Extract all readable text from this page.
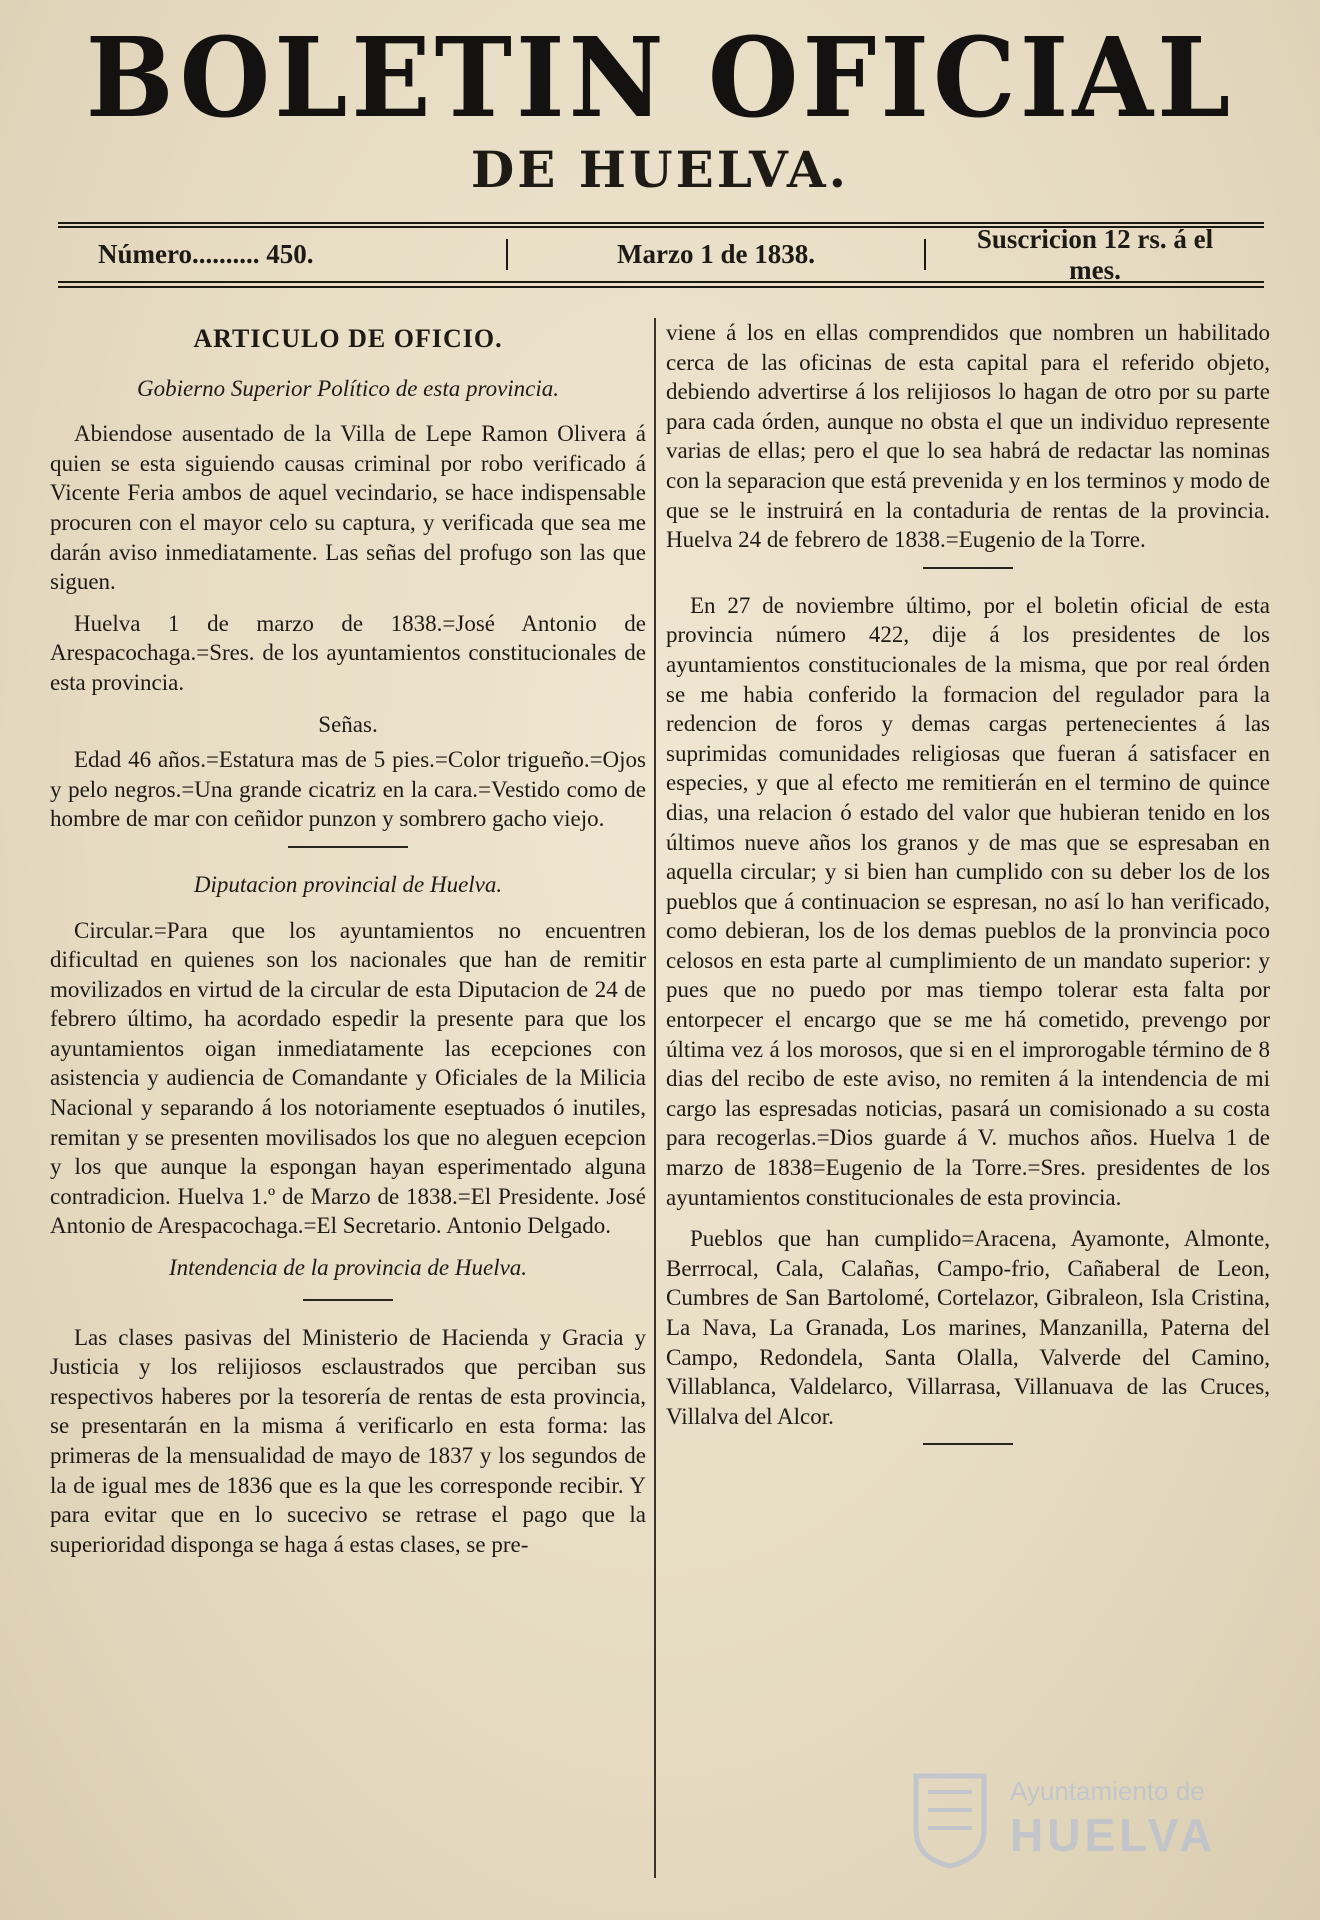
BOLETIN OFICIAL
DE HUELVA.
Número.......... 450.	Marzo 1 de 1838.
Suscricion 12 rs. á el mes.
ARTICULO DE OFICIO.
Gobierno Superior Político de esta provincia.

Abiendose ausentado de la Villa de Lepe Ramon Olivera á quien se esta siguiendo causas criminal por robo verificado á Vicente Feria ambos de aquel vecindario, se hace indispensable procuren con el mayor celo su captura, y verificada que sea me darán aviso inmediatamente. Las señas del profugo son las que siguen.

Huelva 1 de marzo de 1838.=José Antonio de Arespacochaga.=Sres. de los ayuntamientos constitucionales de esta provincia.

Señas.

Edad 46 años.=Estatura mas de 5 pies.=Color trigueño.=Ojos y pelo negros.=Una grande cicatriz en la cara.=Vestido como de hombre de mar con ceñidor punzon y sombrero gacho viejo.

Diputacion provincial de Huelva.

Circular.=Para que los ayuntamientos no encuentren dificultad en quienes son los nacionales que han de remitir movilizados en virtud de la circular de esta Diputacion de 24 de febrero último, ha acordado espedir la presente para que los ayuntamientos oigan inmediatamente las ecepciones con asistencia y audiencia de Comandante y Oficiales de la Milicia Nacional y separando á los notoriamente eseptuados ó inutiles, remitan y se presenten movilisados los que no aleguen ecepcion y los que aunque la espongan hayan esperimentado alguna contradicion. Huelva 1.º de Marzo de 1838.=El Presidente. José Antonio de Arespacochaga.=El Secretario. Antonio Delgado.

Intendencia de la provincia de Huelva.

Las clases pasivas del Ministerio de Hacienda y Gracia y Justicia y los relijiosos esclaustrados que perciban sus respectivos haberes por la tesorería de rentas de esta provincia, se presentarán en la misma á verificarlo en esta forma: las primeras de la mensualidad de mayo de 1837 y los segundos de la de igual mes de 1836 que es la que les corresponde recibir. Y para evitar que en lo sucecivo se retrase el pago que la superioridad disponga se haga á estas clases, se pre-

viene á los en ellas comprendidos que nombren un habilitado cerca de las oficinas de esta capital para el referido objeto, debiendo advertirse á los relijiosos lo hagan de otro por su parte para cada órden, aunque no obsta el que un individuo represente varias de ellas; pero el que lo sea habrá de redactar las nominas con la separacion que está prevenida y en los terminos y modo de que se le instruirá en la contaduria de rentas de la provincia. Huelva 24 de febrero de 1838.=Eugenio de la Torre.

En 27 de noviembre último, por el boletin oficial de esta provincia número 422, dije á los presidentes de los ayuntamientos constitucionales de la misma, que por real órden se me habia conferido la formacion del regulador para la redencion de foros y demas cargas pertenecientes á las suprimidas comunidades religiosas que fueran á satisfacer en especies, y que al efecto me remitierán en el termino de quince dias, una relacion ó estado del valor que hubieran tenido en los últimos nueve años los granos y de mas que se espresaban en aquella circular; y si bien han cumplido con su deber los de los pueblos que á continuacion se espresan, no así lo han verificado, como debieran, los de los demas pueblos de la pronvincia poco celosos en esta parte al cumplimiento de un mandato superior: y pues que no puedo por mas tiempo tolerar esta falta por entorpecer el encargo que se me há cometido, prevengo por última vez á los morosos, que si en el improrogable término de 8 dias del recibo de este aviso, no remiten á la intendencia de mi cargo las espresadas noticias, pasará un comisionado a su costa para recogerlas.=Dios guarde á V. muchos años. Huelva 1 de marzo de 1838=Eugenio de la Torre.=Sres. presidentes de los ayuntamientos constitucionales de esta provincia.

Pueblos que han cumplido=Aracena, Ayamonte, Almonte, Berrrocal, Cala, Calañas, Campo-frio, Cañaberal de Leon, Cumbres de San Bartolomé, Cortelazor, Gibraleon, Isla Cristina, La Nava, La Granada, Los marines, Manzanilla, Paterna del Campo, Redondela, Santa Olalla, Valverde del Camino, Villablanca, Valdelarco, Villarrasa, Villanuava de las Cruces, Villalva del Alcor.

Ayuntamiento de
HUELVA
